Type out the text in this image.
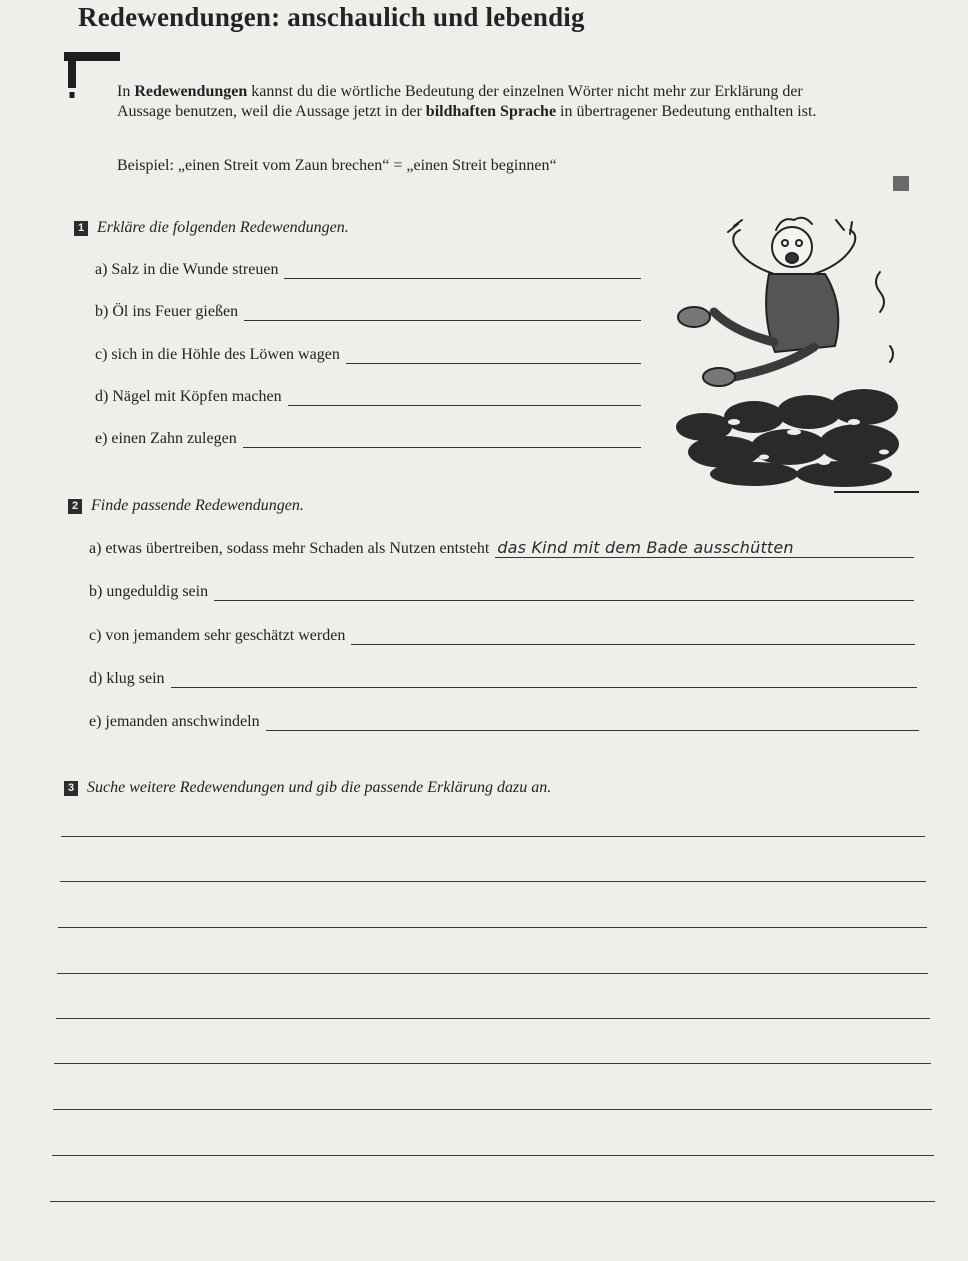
Redewendungen: anschaulich und lebendig
In Redewendungen kannst du die wörtliche Bedeutung der einzelnen Wörter nicht mehr zur Erklärung der Aussage benutzen, weil die Aussage jetzt in der bildhaften Sprache in übertragener Bedeutung enthalten ist.
Beispiel: „einen Streit vom Zaun brechen“ = „einen Streit beginnen“
1 Erkläre die folgenden Redewendungen.
a) Salz in die Wunde streuen
b) Öl ins Feuer gießen
c) sich in die Höhle des Löwen wagen
d) Nägel mit Köpfen machen
e) einen Zahn zulegen
2 Finde passende Redewendungen.
a) etwas übertreiben, sodass mehr Schaden als Nutzen entsteht das Kind mit dem Bade ausschütten
b) ungeduldig sein
c) von jemandem sehr geschätzt werden
d) klug sein
e) jemanden anschwindeln
3 Suche weitere Redewendungen und gib die passende Erklärung dazu an.
